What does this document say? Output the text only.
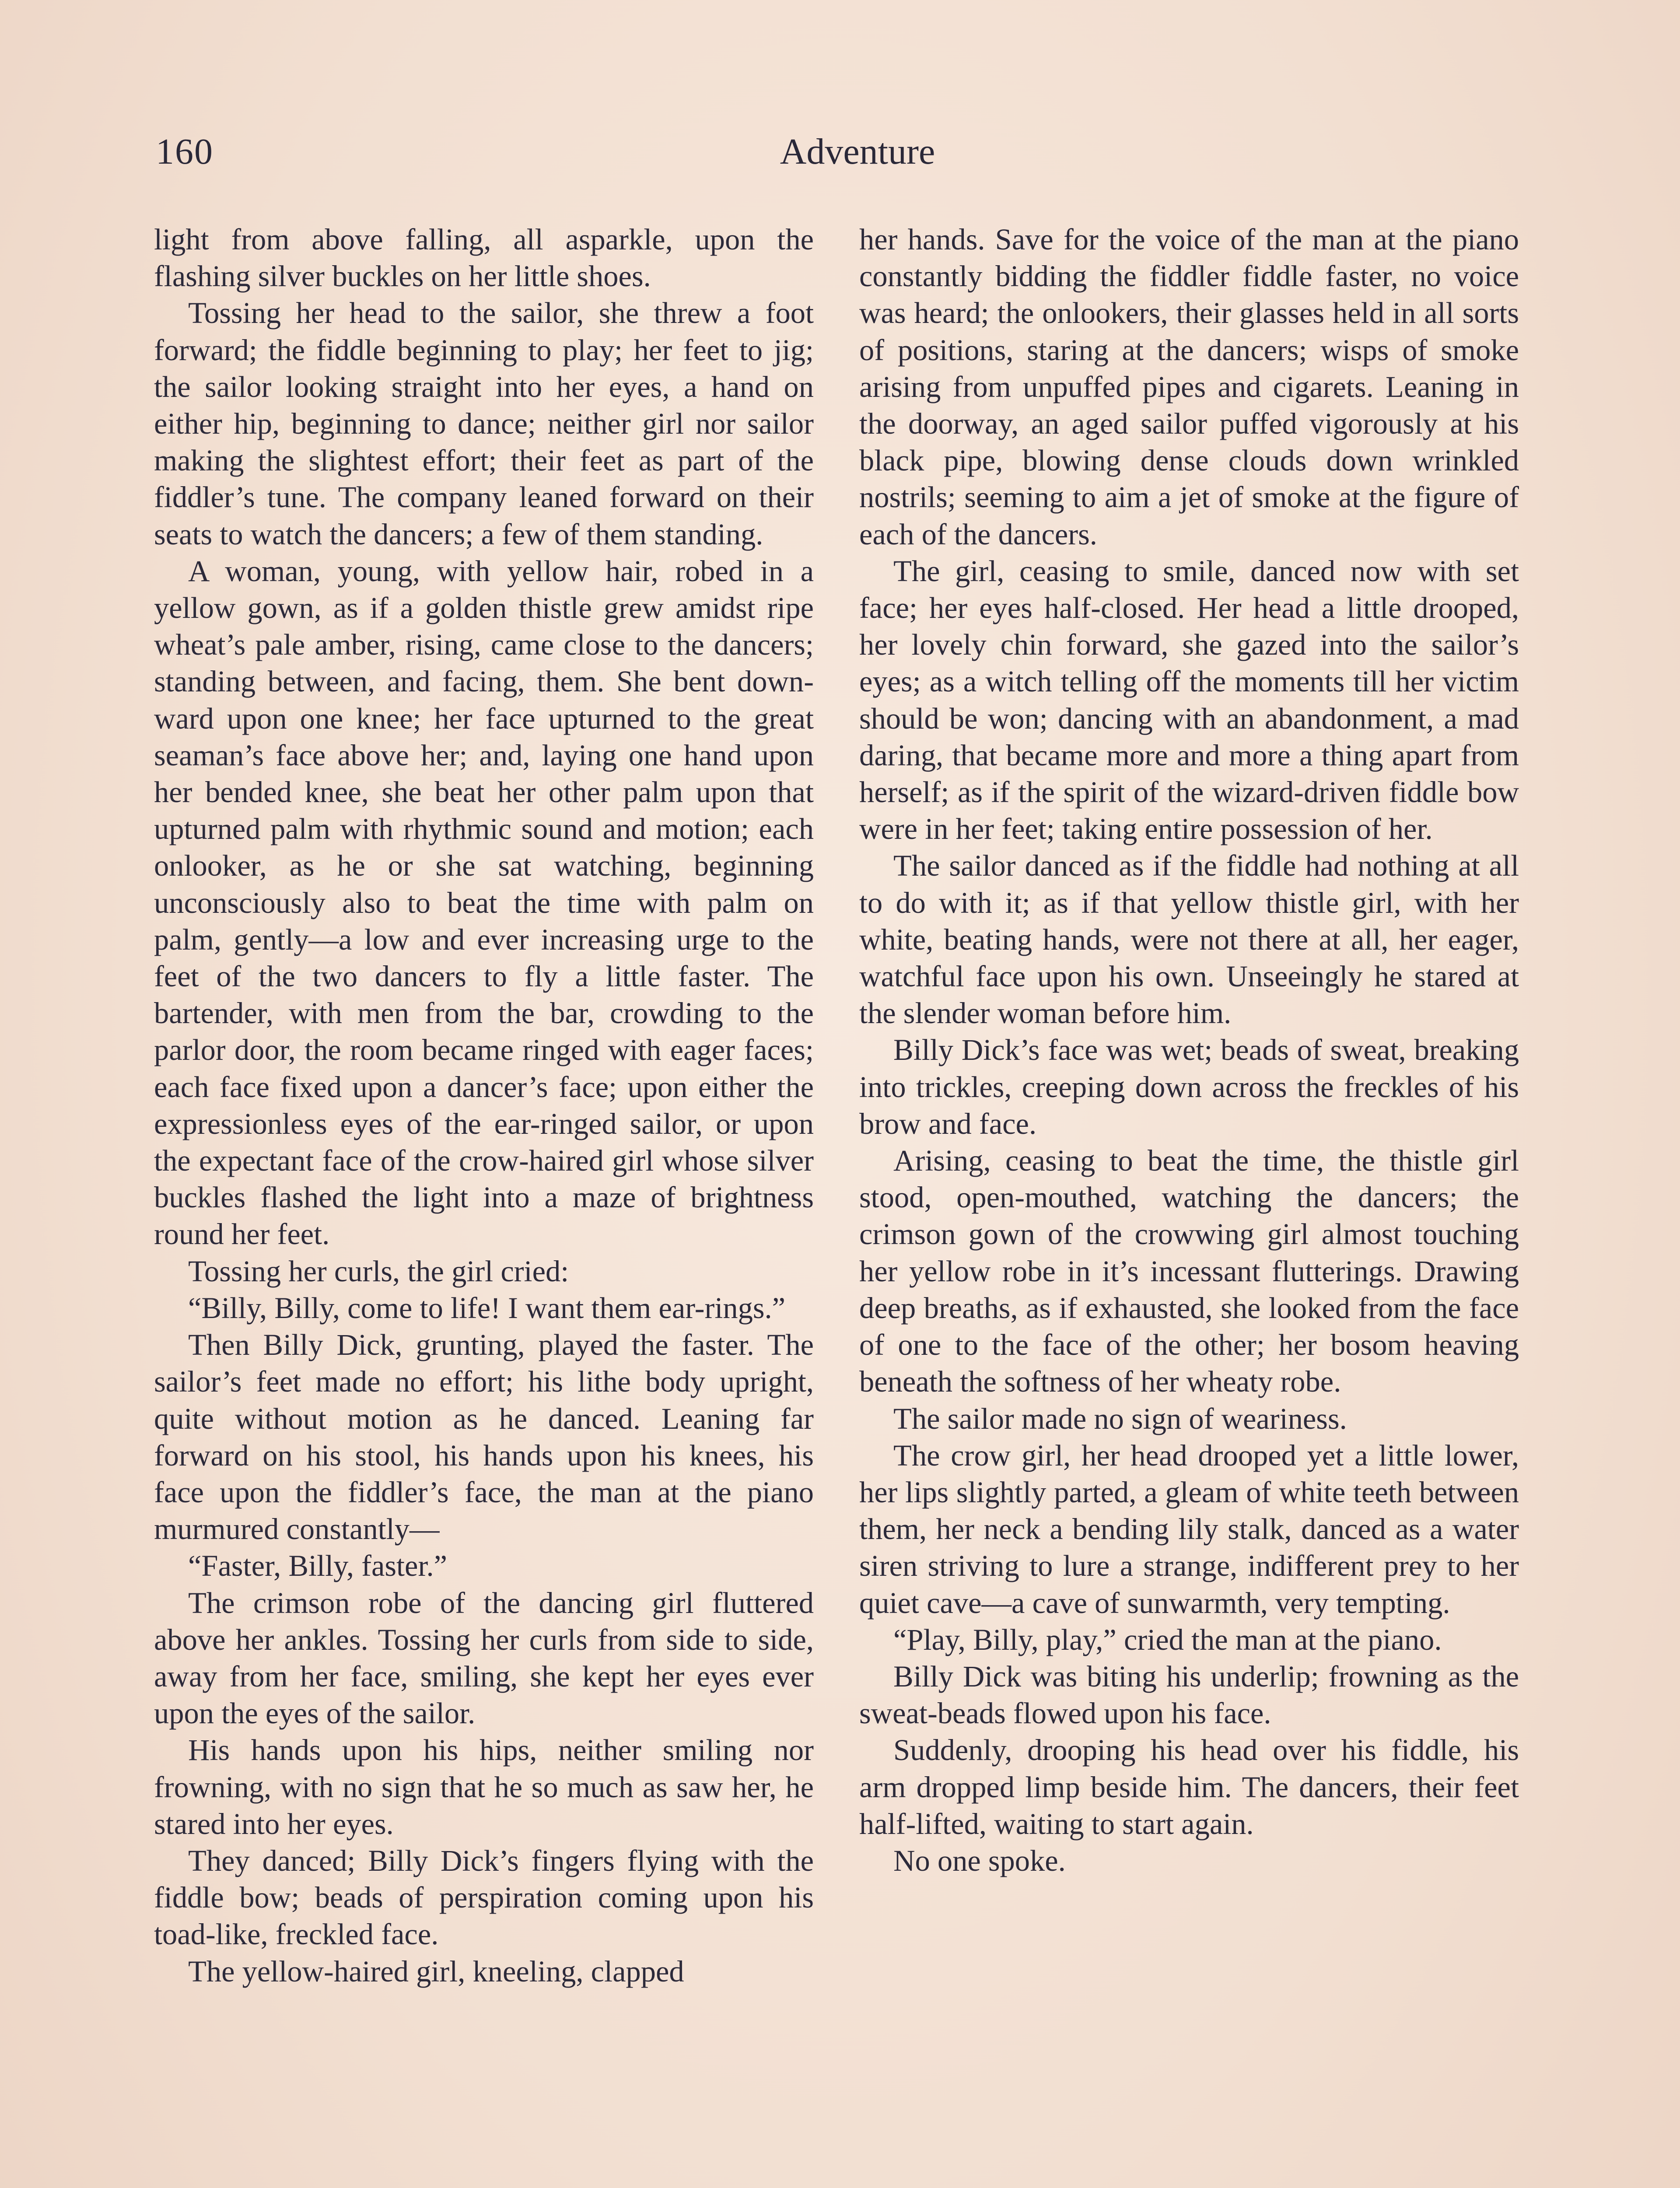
160	Adventure

light from above falling, all asparkle, upon the flashing silver buckles on her little shoes.

Tossing her head to the sailor, she threw a foot forward; the fiddle beginning to play; her feet to jig; the sailor looking straight into her eyes, a hand on either hip, beginning to dance; neither girl nor sailor making the slightest effort; their feet as part of the fiddler’s tune. The company leaned forward on their seats to watch the dancers; a few of them standing.

A woman, young, with yellow hair, robed in a yellow gown, as if a golden thistle grew amidst ripe wheat’s pale amber, rising, came close to the dancers; standing between, and facing, them. She bent downward upon one knee; her face upturned to the great seaman’s face above her; and, laying one hand upon her bended knee, she beat her other palm upon that upturned palm with rhythmic sound and motion; each onlooker, as he or she sat watching, beginning unconsciously also to beat the time with palm on palm, gently—a low and ever increasing urge to the feet of the two dancers to fly a little faster. The bartender, with men from the bar, crowding to the parlor door, the room became ringed with eager faces; each face fixed upon a dancer’s face; upon either the expressionless eyes of the ear-ringed sailor, or upon the expectant face of the crow-haired girl whose silver buckles flashed the light into a maze of brightness round her feet.

Tossing her curls, the girl cried:

“Billy, Billy, come to life! I want them ear-rings.”

Then Billy Dick, grunting, played the faster. The sailor’s feet made no effort; his lithe body upright, quite without motion as he danced. Leaning far forward on his stool, his hands upon his knees, his face upon the fiddler’s face, the man at the piano murmured constantly—

“Faster, Billy, faster.”

The crimson robe of the dancing girl fluttered above her ankles. Tossing her curls from side to side, away from her face, smiling, she kept her eyes ever upon the eyes of the sailor.

His hands upon his hips, neither smiling nor frowning, with no sign that he so much as saw her, he stared into her eyes.

They danced; Billy Dick’s fingers flying with the fiddle bow; beads of perspiration coming upon his toad-like, freckled face.

The yellow-haired girl, kneeling, clapped

her hands. Save for the voice of the man at the piano constantly bidding the fiddler fiddle faster, no voice was heard; the onlookers, their glasses held in all sorts of positions, staring at the dancers; wisps of smoke arising from unpuffed pipes and cigarets. Leaning in the doorway, an aged sailor puffed vigorously at his black pipe, blowing dense clouds down wrinkled nostrils; seeming to aim a jet of smoke at the figure of each of the dancers.

The girl, ceasing to smile, danced now with set face; her eyes half-closed. Her head a little drooped, her lovely chin forward, she gazed into the sailor’s eyes; as a witch telling off the moments till her victim should be won; dancing with an abandonment, a mad daring, that became more and more a thing apart from herself; as if the spirit of the wizard-driven fiddle bow were in her feet; taking entire possession of her.

The sailor danced as if the fiddle had nothing at all to do with it; as if that yellow thistle girl, with her white, beating hands, were not there at all, her eager, watchful face upon his own. Unseeingly he stared at the slender woman before him.

Billy Dick’s face was wet; beads of sweat, breaking into trickles, creeping down across the freckles of his brow and face.

Arising, ceasing to beat the time, the thistle girl stood, open-mouthed, watching the dancers; the crimson gown of the crowwing girl almost touching her yellow robe in it’s incessant flutterings. Drawing deep breaths, as if exhausted, she looked from the face of one to the face of the other; her bosom heaving beneath the softness of her wheaty robe.

The sailor made no sign of weariness.

The crow girl, her head drooped yet a little lower, her lips slightly parted, a gleam of white teeth between them, her neck a bending lily stalk, danced as a water siren striving to lure a strange, indifferent prey to her quiet cave—a cave of sunwarmth, very tempting.

“Play, Billy, play,” cried the man at the piano.

Billy Dick was biting his underlip; frowning as the sweat-beads flowed upon his face.

Suddenly, drooping his head over his fiddle, his arm dropped limp beside him. The dancers, their feet half-lifted, waiting to start again.

No one spoke.
